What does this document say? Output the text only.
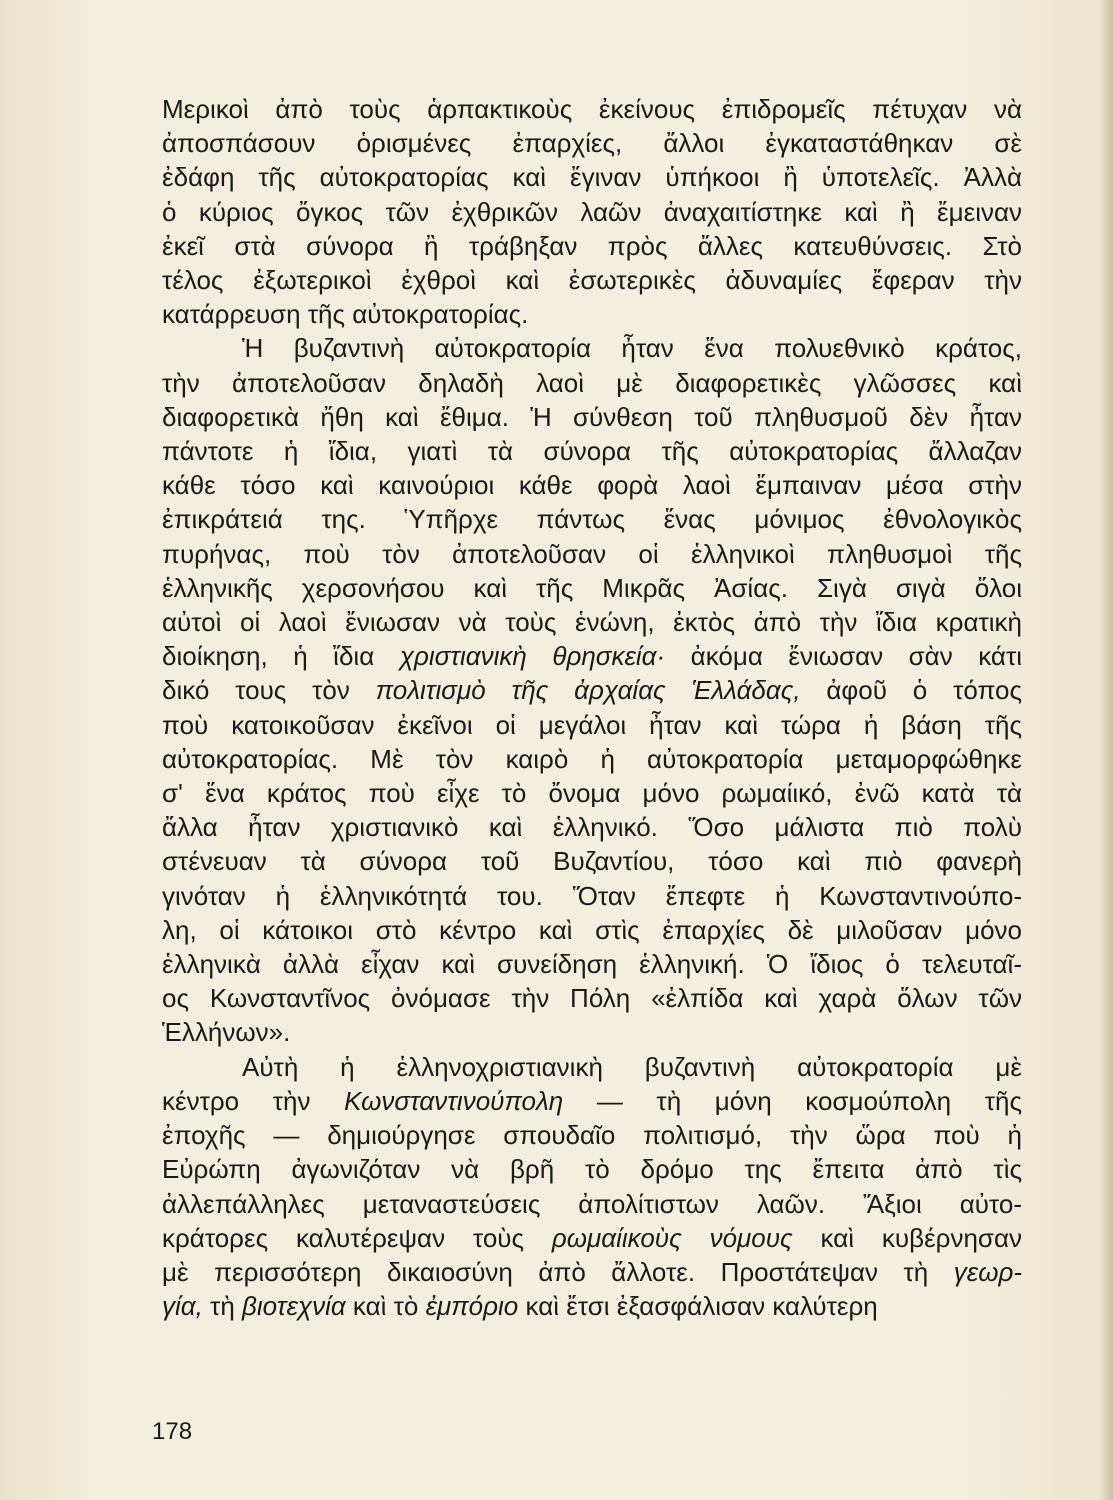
Μερικοὶ ἀπὸ τοὺς ἁρπακτικοὺς ἐκείνους ἐπιδρομεῖς πέτυχαν νὰ
ἀποσπάσουν ὁρισμένες ἐπαρχίες, ἄλλοι ἐγκαταστάθηκαν σὲ
ἐδάφη τῆς αὐτοκρατορίας καὶ ἔγιναν ὑπήκοοι ἢ ὑποτελεῖς. Ἀλλὰ
ὁ κύριος ὄγκος τῶν ἐχθρικῶν λαῶν ἀναχαιτίστηκε καὶ ἢ ἔμειναν
ἐκεῖ στὰ σύνορα ἢ τράβηξαν πρὸς ἄλλες κατευθύνσεις. Στὸ
τέλος ἐξωτερικοὶ ἐχθροὶ καὶ ἐσωτερικὲς ἀδυναμίες ἔφεραν τὴν
κατάρρευση τῆς αὐτοκρατορίας.
Ἡ βυζαντινὴ αὐτοκρατορία ἦταν ἕνα πολυεθνικὸ κράτος,
τὴν ἀποτελοῦσαν δηλαδὴ λαοὶ μὲ διαφορετικὲς γλῶσσες καὶ
διαφορετικὰ ἤθη καὶ ἔθιμα. Ἡ σύνθεση τοῦ πληθυσμοῦ δὲν ἦταν
πάντοτε ἡ ἴδια, γιατὶ τὰ σύνορα τῆς αὐτοκρατορίας ἄλλαζαν
κάθε τόσο καὶ καινούριοι κάθε φορὰ λαοὶ ἔμπαιναν μέσα στὴν
ἐπικράτειά της. Ὑπῆρχε πάντως ἕνας μόνιμος ἐθνολογικὸς
πυρήνας, ποὺ τὸν ἀποτελοῦσαν οἱ ἑλληνικοὶ πληθυσμοὶ τῆς
ἑλληνικῆς χερσονήσου καὶ τῆς Μικρᾶς Ἀσίας. Σιγὰ σιγὰ ὅλοι
αὐτοὶ οἱ λαοὶ ἔνιωσαν νὰ τοὺς ἑνώνη, ἐκτὸς ἀπὸ τὴν ἴδια κρατικὴ
διοίκηση, ἡ ἴδια χριστιανικὴ θρησκεία· ἀκόμα ἔνιωσαν σὰν κάτι
δικό τους τὸν πολιτισμὸ τῆς ἀρχαίας Ἑλλάδας, ἀφοῦ ὁ τόπος
ποὺ κατοικοῦσαν ἐκεῖνοι οἱ μεγάλοι ἦταν καὶ τώρα ἡ βάση τῆς
αὐτοκρατορίας. Μὲ τὸν καιρὸ ἡ αὐτοκρατορία μεταμορφώθηκε
σ' ἕνα κράτος ποὺ εἶχε τὸ ὄνομα μόνο ρωμαίικό, ἐνῶ κατὰ τὰ
ἄλλα ἦταν χριστιανικὸ καὶ ἑλληνικό. Ὅσο μάλιστα πιὸ πολὺ
στένευαν τὰ σύνορα τοῦ Βυζαντίου, τόσο καὶ πιὸ φανερὴ
γινόταν ἡ ἑλληνικότητά του. Ὅταν ἔπεφτε ἡ Κωνσταντινούπο-
λη, οἱ κάτοικοι στὸ κέντρο καὶ στὶς ἐπαρχίες δὲ μιλοῦσαν μόνο
ἑλληνικὰ ἀλλὰ εἶχαν καὶ συνείδηση ἑλληνική. Ὁ ἴδιος ὁ τελευταῖ-
ος Κωνσταντῖνος ὀνόμασε τὴν Πόλη «ἐλπίδα καὶ χαρὰ ὅλων τῶν
Ἑλλήνων».
Αὐτὴ ἡ ἑλληνοχριστιανικὴ βυζαντινὴ αὐτοκρατορία μὲ
κέντρο τὴν Κωνσταντινούπολη — τὴ μόνη κοσμούπολη τῆς
ἐποχῆς — δημιούργησε σπουδαῖο πολιτισμό, τὴν ὥρα ποὺ ἡ
Εὐρώπη ἀγωνιζόταν νὰ βρῆ τὸ δρόμο της ἔπειτα ἀπὸ τὶς
ἀλλεπάλληλες μεταναστεύσεις ἀπολίτιστων λαῶν. Ἄξιοι αὐτο-
κράτορες καλυτέρεψαν τοὺς ρωμαίικοὺς νόμους καὶ κυβέρνησαν
μὲ περισσότερη δικαιοσύνη ἀπὸ ἄλλοτε. Προστάτεψαν τὴ γεωρ-
γία, τὴ βιοτεχνία καὶ τὸ ἐμπόριο καὶ ἔτσι ἐξασφάλισαν καλύτερη
178
